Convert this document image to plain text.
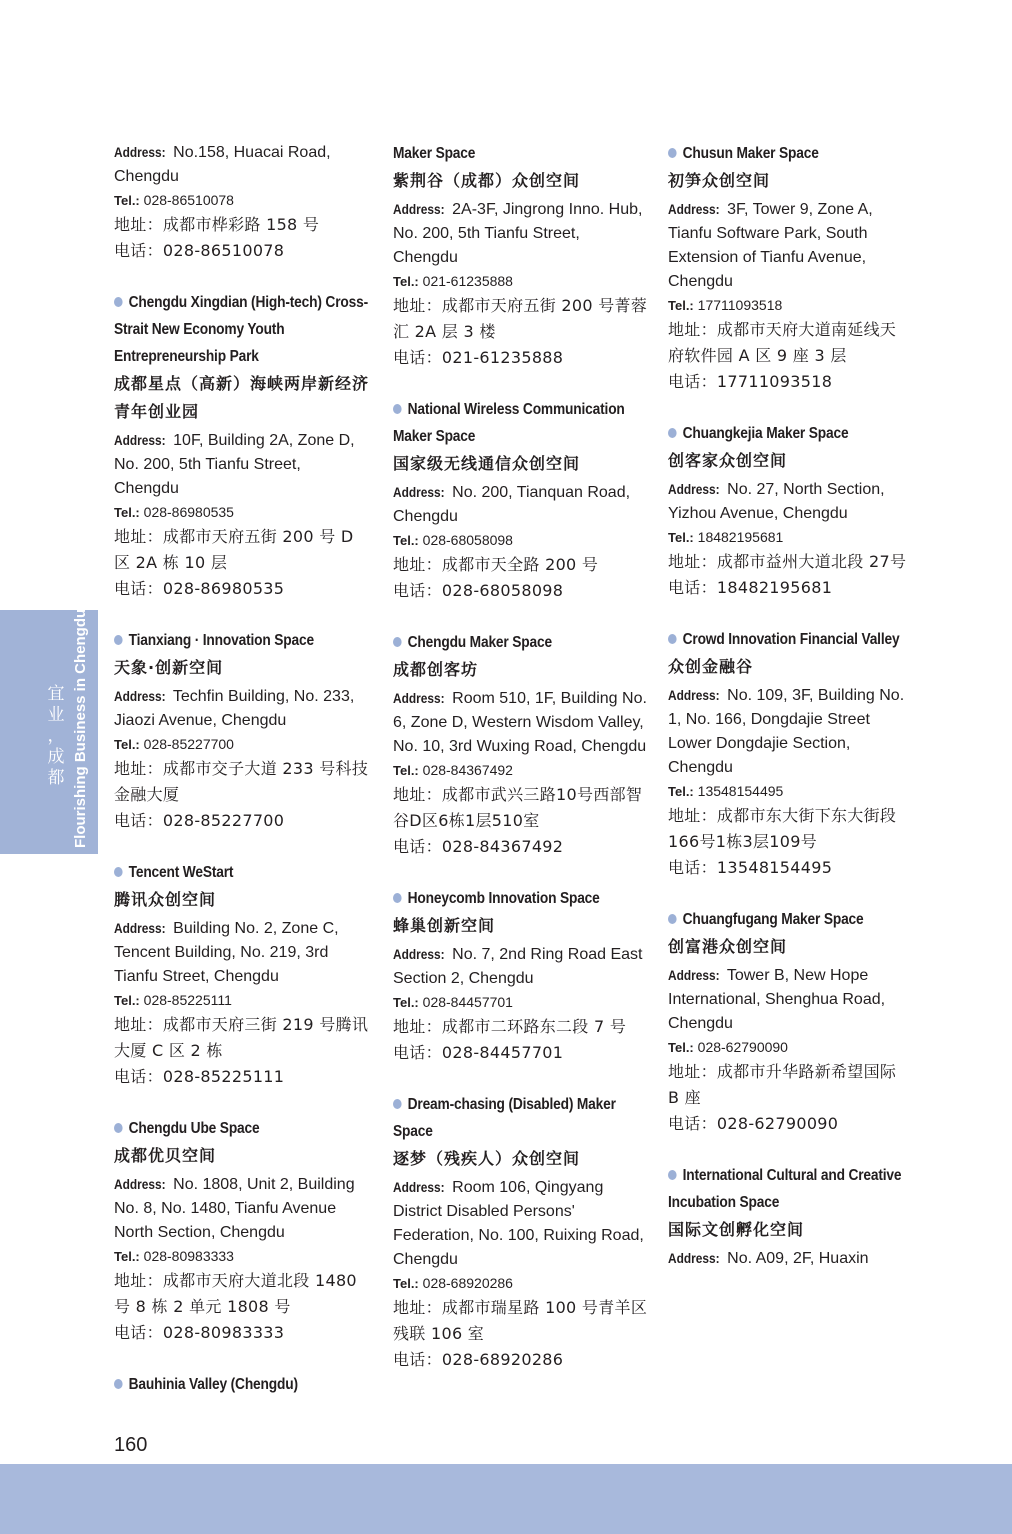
宜
业
，
成
都 Flourishing Business in Chengdu
Address: No.158, Huacai Road, Chengdu
Tel.: 028-86510078
地址：成都市桦彩路 158 号
电话：028-86510078
Chengdu Xingdian (High-tech) Cross-Strait New Economy Youth Entrepreneurship Park
成都星点（高新）海峡两岸新经济青年创业园
Address: 10F, Building 2A, Zone D, No. 200, 5th Tianfu Street, Chengdu
Tel.: 028-86980535
地址：成都市天府五街 200 号 D 区 2A 栋 10 层
电话：028-86980535
Tianxiang · Innovation Space
天象·创新空间
Address: Techfin Building, No. 233, Jiaozi Avenue, Chengdu
Tel.: 028-85227700
地址：成都市交子大道 233 号科技金融大厦
电话：028-85227700
Tencent WeStart
腾讯众创空间
Address: Building No. 2, Zone C, Tencent Building, No. 219, 3rd Tianfu Street, Chengdu
Tel.: 028-85225111
地址：成都市天府三街 219 号腾讯大厦 C 区 2 栋
电话：028-85225111
Chengdu Ube Space
成都优贝空间
Address: No. 1808, Unit 2, Building No. 8, No. 1480, Tianfu Avenue North Section, Chengdu
Tel.: 028-80983333
地址：成都市天府大道北段 1480 号 8 栋 2 单元 1808 号
电话：028-80983333
Bauhinia Valley (Chengdu)
Maker Space
紫荆谷（成都）众创空间
Address: 2A-3F, Jingrong Inno. Hub, No. 200, 5th Tianfu Street, Chengdu
Tel.: 021-61235888
地址：成都市天府五街 200 号菁蓉汇 2A 层 3 楼
电话：021-61235888
National Wireless Communication Maker Space
国家级无线通信众创空间
Address: No. 200, Tianquan Road, Chengdu
Tel.: 028-68058098
地址：成都市天全路 200 号
电话：028-68058098
Chengdu Maker Space
成都创客坊
Address: Room 510, 1F, Building No. 6, Zone D, Western Wisdom Valley, No. 10, 3rd Wuxing Road, Chengdu
Tel.: 028-84367492
地址：成都市武兴三路10号西部智谷D区6栋1层510室
电话：028-84367492
Honeycomb Innovation Space
蜂巢创新空间
Address: No. 7, 2nd Ring Road East Section 2, Chengdu
Tel.: 028-84457701
地址：成都市二环路东二段 7 号
电话：028-84457701
Dream-chasing (Disabled) Maker Space
逐梦（残疾人）众创空间
Address: Room 106, Qingyang District Disabled Persons' Federation, No. 100, Ruixing Road, Chengdu
Tel.: 028-68920286
地址：成都市瑞星路 100 号青羊区残联 106 室
电话：028-68920286
Chusun Maker Space
初笋众创空间
Address: 3F, Tower 9, Zone A, Tianfu Software Park, South Extension of Tianfu Avenue, Chengdu
Tel.: 17711093518
地址：成都市天府大道南延线天府软件园 A 区 9 座 3 层
电话：17711093518
Chuangkejia Maker Space
创客家众创空间
Address: No. 27, North Section, Yizhou Avenue, Chengdu
Tel.: 18482195681
地址：成都市益州大道北段 27号
电话：18482195681
Crowd Innovation Financial Valley
众创金融谷
Address: No. 109, 3F, Building No. 1, No. 166, Dongdajie Street Lower Dongdajie Section, Chengdu
Tel.: 13548154495
地址：成都市东大街下东大街段166号1栋3层109号
电话：13548154495
Chuangfugang Maker Space
创富港众创空间
Address: Tower B, New Hope International, Shenghua Road, Chengdu
Tel.: 028-62790090
地址：成都市升华路新希望国际 B 座
电话：028-62790090
International Cultural and Creative Incubation Space
国际文创孵化空间
Address: No. A09, 2F, Huaxin
160
